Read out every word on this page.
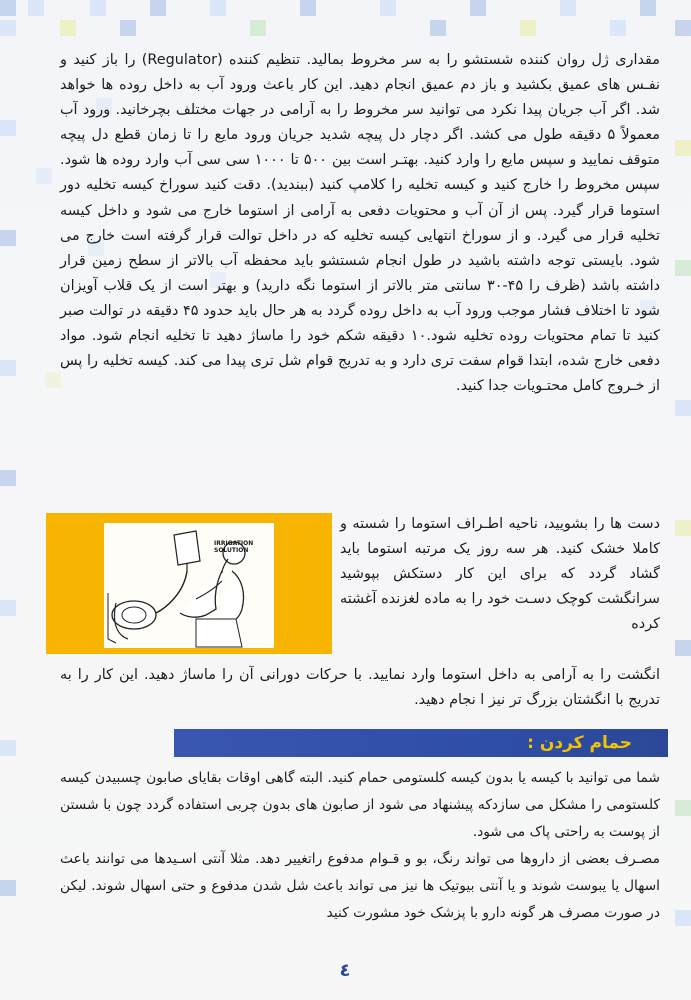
مقداری ژل روان کننده شستشو را به سر مخروط بمالید. تنظیم کننده (Regulator) را باز کنید و نفـس های عمیق بکشید و باز دم عمیق انجام دهید. این کار باعث ورود آب به داخل روده ها خواهد شد. اگر آب جریان پیدا نکرد می توانید سر مخروط را به آرامی در جهات مختلف بچرخانید. ورود آب معمولاً ۵ دقیقه طول می کشد. اگر دچار دل پیچه شدید جریان ورود مایع را تا زمان قطع دل پیچه متوقف نمایید و سپس مایع را وارد کنید. بهتـر است بین ۵۰۰ تا ۱۰۰۰ سی سی آب وارد روده ها شود. سپس مخروط را خارج کنید و کیسه تخلیه را کلامپ کنید (ببندید). دقت کنید سوراخ کیسه تخلیه دور استوما قرار گیرد. پس از آن آب و محتویات دفعی به آرامی از استوما خارج می شود و داخل کیسه تخلیه قرار می گیرد. و از سوراخ انتهایی کیسه تخلیه که در داخل توالت قرار گرفته است خارج می شود. بایستی توجه داشته باشید در طول انجام شستشو باید محفظه آب بالاتر از سطح زمین قرار داشته باشد (ظرف را ۴۵-۳۰ سانتی متر بالاتر از استوما نگه دارید) و بهتر است از یک قلاب آویزان شود تا اختلاف فشار موجب ورود آب به داخل روده گردد به هر حال باید حدود ۴۵ دقیقه در توالت صبر کنید تا تمام محتویات روده تخلیه شود.۱۰ دقیقه شکم خود را ماساژ دهید تا تخلیه انجام شود. مواد دفعی خارج شده، ابتدا قوام سفت تری دارد و به تدریج قوام شل تری پیدا می کند. کیسه تخلیه را پس از خـروج کامل محتـویات جدا کنید.
IRRIGATION
SOLUTION
دست ها را بشوييد، ناحيه اطـراف استوما را شسته و کاملا خشک کنيد. هر سه روز يک مرتبه استوما بايد گشاد گردد که براى اين کار دستکش بپوشيد سرانگشت کوچک دسـت خود را به ماده لغزنده آغشته کرده
انگشت را به آرامی به داخل استوما وارد نمایید. با حرکات دورانی آن را ماساژ دهید. این کار را به تدریج با انگشتان بزرگ تر نیز ا نجام دهید.
حمام کردن :
شما می توانید با کیسه یا بدون کیسه کلستومی حمام کنید. البته گاهی اوقات بقایای صابون چسبیدن کیسه کلستومی را مشکل می سازدکه پیشنهاد می شود از صابون های بدون چربی استفاده گردد چون با شستن از پوست به راحتی پاک می شود.
مصـرف بعضی از داروها می تواند رنگ، بو و قـوام مدفوع راتغییر دهد. مثلا آنتی اسـیدها می توانند باعث اسهال یا یبوست شوند و یا آنتی بیوتیک ها نیز می تواند باعث شل شدن مدفوع و حتی اسهال شوند. لیکن در صورت مصرف هر گونه دارو با پزشک خود مشورت کنید
٤
